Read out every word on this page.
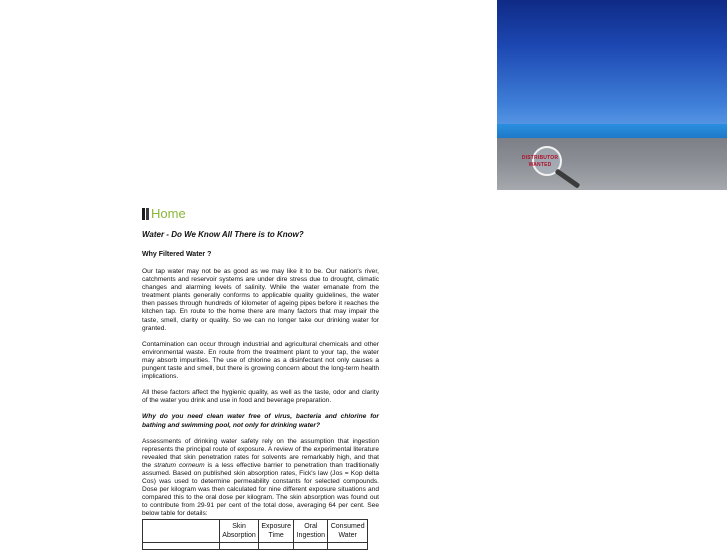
DISTRIBUTOR WANTED
Home
Water - Do We Know All There is to Know?
Why Filtered Water ?

Our tap water may not be as good as we may like it to be. Our nation's river, catchments and reservoir systems are under dire stress due to drought, climatic changes and alarming levels of salinity. While the water emanate from the treatment plants generally conforms to applicable quality guidelines, the water then passes through hundreds of kilometer of ageing pipes before it reaches the kitchen tap. En route to the home there are many factors that may impair the taste, smell, clarity or quality. So we can no longer take our drinking water for granted.

Contamination can occur through industrial and agricultural chemicals and other environmental waste. En route from the treatment plant to your tap, the water may absorb impurities. The use of chlorine as a disinfectant not only causes a pungent taste and smell, but there is growing concern about the long-term health implications.

All these factors affect the hygienic quality, as well as the taste, odor and clarity of the water you drink and use in food and beverage preparation.

Why do you need clean water free of virus, bacteria and chlorine for bathing and swimming pool, not only for drinking water?

Assessments of drinking water safety rely on the assumption that ingestion represents the principal route of exposure. A review of the experimental literature revealed that skin penetration rates for solvents are remarkably high, and that the stratum corneum is a less effective barrier to penetration than traditionally assumed. Based on published skin absorption rates, Fick's law (Jos = Kop delta Cos) was used to determine permeability constants for selected compounds. Dose per kilogram was then calculated for nine different exposure situations and compared this to the oral dose per kilogram. The skin absorption was found out to contribute from 29-91 per cent of the total dose, averaging 64 per cent. See below table for details:

	Skin Absorption	Exposure Time	Oral Ingestion	Consumed Water
